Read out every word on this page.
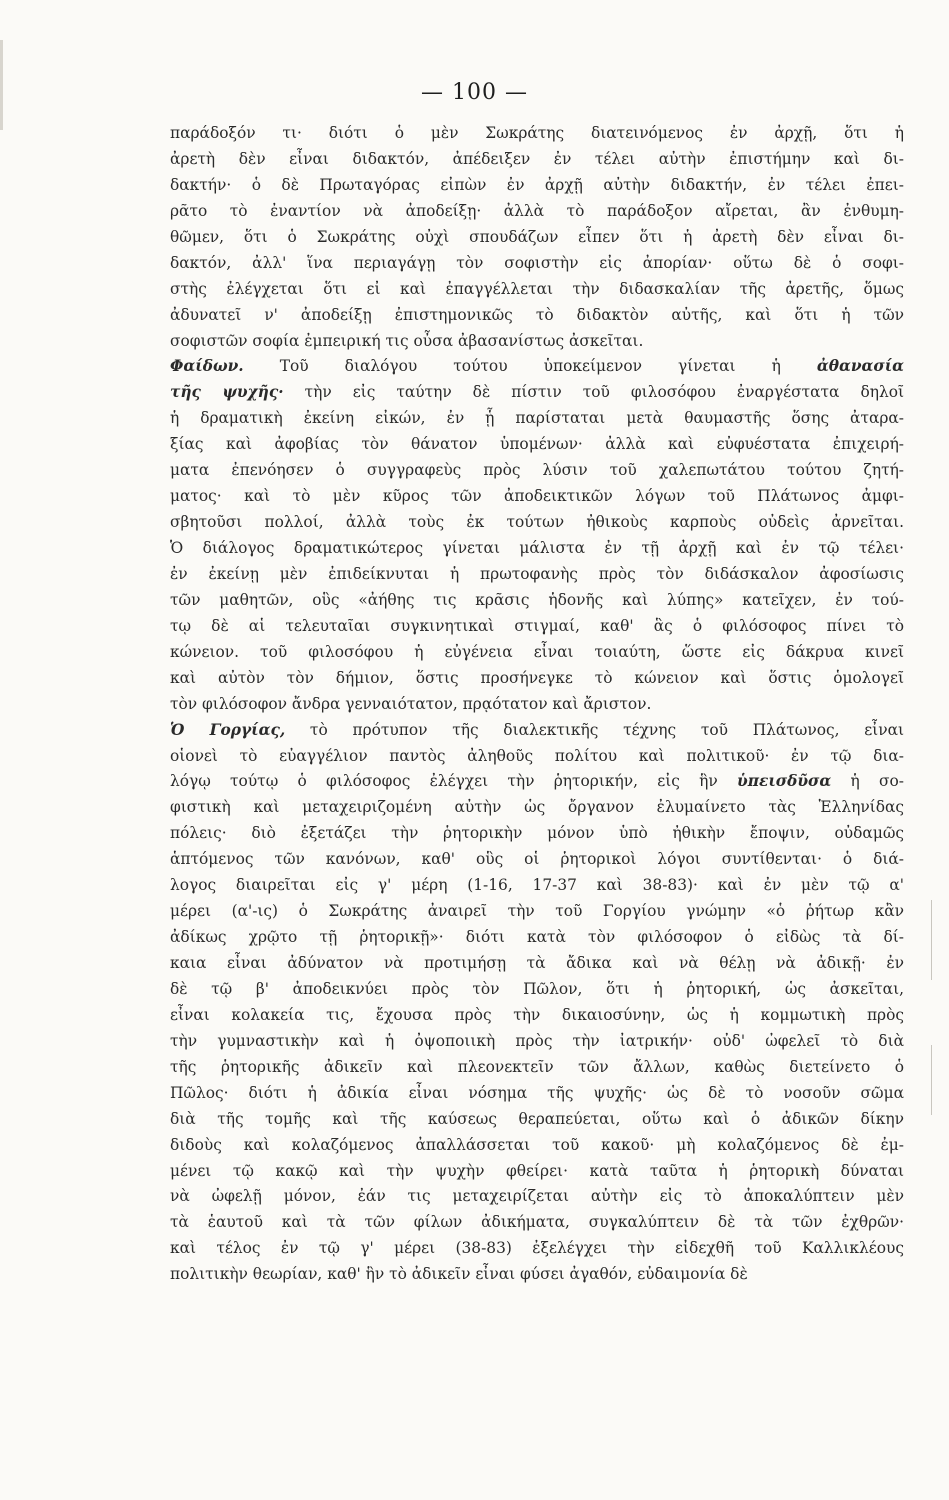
— 100 —
παράδοξόν τι· διότι ὁ μὲν Σωκράτης διατεινόμενος ἐν ἀρχῇ, ὅτι ἡ
ἀρετὴ δὲν εἶναι διδακτόν, ἀπέδειξεν ἐν τέλει αὐτὴν ἐπιστήμην καὶ δι-
δακτήν· ὁ δὲ Πρωταγόρας εἰπὼν ἐν ἀρχῇ αὐτὴν διδακτήν, ἐν τέλει ἐπει-
ρᾶτο τὸ ἐναντίον νὰ ἀποδείξῃ· ἀλλὰ τὸ παράδοξον αἴρεται, ἂν ἐνθυμη-
θῶμεν, ὅτι ὁ Σωκράτης οὐχὶ σπουδάζων εἶπεν ὅτι ἡ ἀρετὴ δὲν εἶναι δι-
δακτόν, ἀλλ' ἵνα περιαγάγῃ τὸν σοφιστὴν εἰς ἀπορίαν· οὕτω δὲ ὁ σοφι-
στὴς ἐλέγχεται ὅτι εἰ καὶ ἐπαγγέλλεται τὴν διδασκαλίαν τῆς ἀρετῆς, ὅμως
ἀδυνατεῖ ν' ἀποδείξῃ ἐπιστημονικῶς τὸ διδακτὸν αὐτῆς, καὶ ὅτι ἡ τῶν
σοφιστῶν σοφία ἐμπειρική τις οὖσα ἀβασανίστως ἀσκεῖται.
Φαίδων. Τοῦ διαλόγου τούτου ὑποκείμενον γίνεται ἡ ἀθανασία
τῆς ψυχῆς· τὴν εἰς ταύτην δὲ πίστιν τοῦ φιλοσόφου ἐναργέστατα δηλοῖ
ἡ δραματικὴ ἐκείνη εἰκών, ἐν ᾗ παρίσταται μετὰ θαυμαστῆς ὅσης ἀταρα-
ξίας καὶ ἀφοβίας τὸν θάνατον ὑπομένων· ἀλλὰ καὶ εὐφυέστατα ἐπιχειρή-
ματα ἐπενόησεν ὁ συγγραφεὺς πρὸς λύσιν τοῦ χαλεπωτάτου τούτου ζητή-
ματος· καὶ τὸ μὲν κῦρος τῶν ἀποδεικτικῶν λόγων τοῦ Πλάτωνος ἀμφι-
σβητοῦσι πολλοί, ἀλλὰ τοὺς ἐκ τούτων ἠθικοὺς καρποὺς οὐδεὶς ἀρνεῖται.
Ὁ διάλογος δραματικώτερος γίνεται μάλιστα ἐν τῇ ἀρχῇ καὶ ἐν τῷ τέλει·
ἐν ἐκείνῃ μὲν ἐπιδείκνυται ἡ πρωτοφανὴς πρὸς τὸν διδάσκαλον ἀφοσίωσις
τῶν μαθητῶν, οὓς «ἀήθης τις κρᾶσις ἡδονῆς καὶ λύπης» κατεῖχεν, ἐν τού-
τῳ δὲ αἱ τελευταῖαι συγκινητικαὶ στιγμαί, καθ' ἃς ὁ φιλόσοφος πίνει τὸ
κώνειον. τοῦ φιλοσόφου ἡ εὐγένεια εἶναι τοιαύτη, ὥστε εἰς δάκρυα κινεῖ
καὶ αὐτὸν τὸν δήμιον, ὅστις προσήνεγκε τὸ κώνειον καὶ ὅστις ὁμολογεῖ
τὸν φιλόσοφον ἄνδρα γενναιότατον, πρᾳότατον καὶ ἄριστον.
Ὁ Γοργίας, τὸ πρότυπον τῆς διαλεκτικῆς τέχνης τοῦ Πλάτωνος, εἶναι
οἱονεὶ τὸ εὐαγγέλιον παντὸς ἀληθοῦς πολίτου καὶ πολιτικοῦ· ἐν τῷ δια-
λόγῳ τούτῳ ὁ φιλόσοφος ἐλέγχει τὴν ῥητορικήν, εἰς ἣν ὑπεισδῦσα ἡ σο-
φιστικὴ καὶ μεταχειριζομένη αὐτὴν ὡς ὄργανον ἐλυμαίνετο τὰς Ἑλληνίδας
πόλεις· διὸ ἐξετάζει τὴν ῥητορικὴν μόνον ὑπὸ ἠθικὴν ἔποψιν, οὐδαμῶς
ἁπτόμενος τῶν κανόνων, καθ' οὓς οἱ ῥητορικοὶ λόγοι συντίθενται· ὁ διά-
λογος διαιρεῖται εἰς γ' μέρη (1-16, 17-37 καὶ 38-83)· καὶ ἐν μὲν τῷ α'
μέρει (α'-ις) ὁ Σωκράτης ἀναιρεῖ τὴν τοῦ Γοργίου γνώμην «ὁ ῥήτωρ κἂν
ἀδίκως χρῷτο τῇ ῥητορικῇ»· διότι κατὰ τὸν φιλόσοφον ὁ εἰδὼς τὰ δί-
καια εἶναι ἀδύνατον νὰ προτιμήσῃ τὰ ἄδικα καὶ νὰ θέλῃ νὰ ἀδικῇ· ἐν
δὲ τῷ β' ἀποδεικνύει πρὸς τὸν Πῶλον, ὅτι ἡ ῥητορική, ὡς ἀσκεῖται,
εἶναι κολακεία τις, ἔχουσα πρὸς τὴν δικαιοσύνην, ὡς ἡ κομμωτικὴ πρὸς
τὴν γυμναστικὴν καὶ ἡ ὀψοποιικὴ πρὸς τὴν ἰατρικήν· οὐδ' ὠφελεῖ τὸ διὰ
τῆς ῥητορικῆς ἀδικεῖν καὶ πλεονεκτεῖν τῶν ἄλλων, καθὼς διετείνετο ὁ
Πῶλος· διότι ἡ ἀδικία εἶναι νόσημα τῆς ψυχῆς· ὡς δὲ τὸ νοσοῦν σῶμα
διὰ τῆς τομῆς καὶ τῆς καύσεως θεραπεύεται, οὕτω καὶ ὁ ἀδικῶν δίκην
διδοὺς καὶ κολαζόμενος ἀπαλλάσσεται τοῦ κακοῦ· μὴ κολαζόμενος δὲ ἐμ-
μένει τῷ κακῷ καὶ τὴν ψυχὴν φθείρει· κατὰ ταῦτα ἡ ῥητορικὴ δύναται
νὰ ὠφελῇ μόνον, ἐάν τις μεταχειρίζεται αὐτὴν εἰς τὸ ἀποκαλύπτειν μὲν
τὰ ἑαυτοῦ καὶ τὰ τῶν φίλων ἀδικήματα, συγκαλύπτειν δὲ τὰ τῶν ἐχθρῶν·
καὶ τέλος ἐν τῷ γ' μέρει (38-83) ἐξελέγχει τὴν εἰδεχθῆ τοῦ Καλλικλέους
πολιτικὴν θεωρίαν, καθ' ἣν τὸ ἀδικεῖν εἶναι φύσει ἀγαθόν, εὐδαιμονία δὲ
